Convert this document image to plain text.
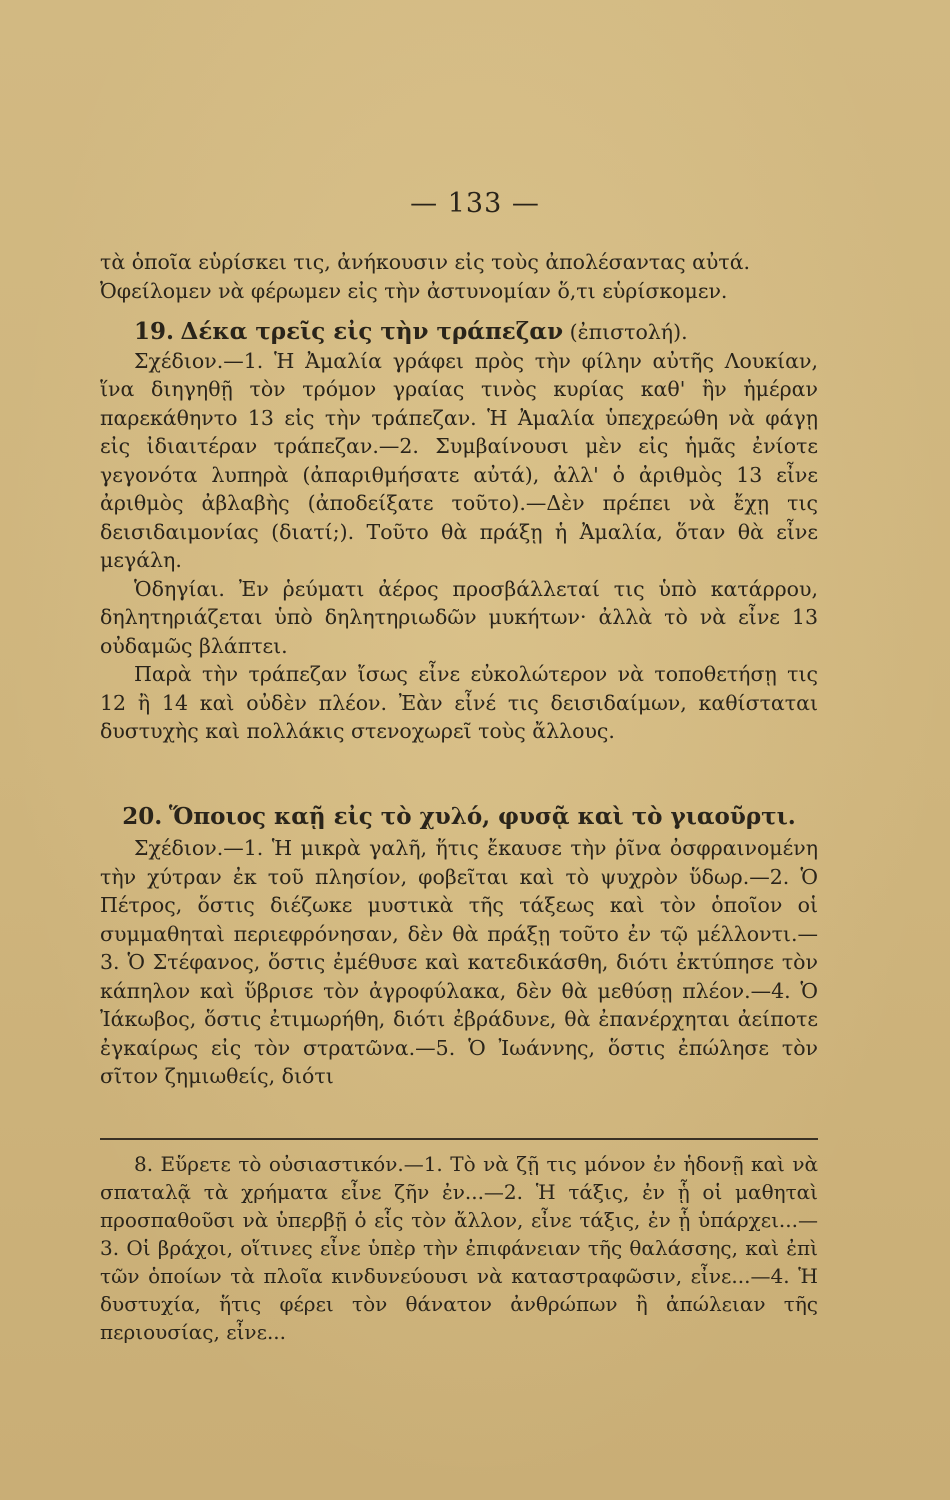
— 133 —

τὰ ὁποῖα εὑρίσκει τις, ἀνήκουσιν εἰς τοὺς ἀπολέσαντας αὐτά.

Ὀφείλομεν νὰ φέρωμεν εἰς τὴν ἀστυνομίαν ὅ,τι εὑρίσκομεν.

19. Δέκα τρεῖς εἰς τὴν τράπεζαν (ἐπιστολή).

Σχέδιον.—1. Ἡ Ἀμαλία γράφει πρὸς τὴν φίλην αὐτῆς Λουκίαν, ἵνα διηγηθῇ τὸν τρόμον γραίας τινὸς κυρίας καθ' ἣν ἡμέραν παρεκάθηντο 13 εἰς τὴν τράπεζαν. Ἡ Ἀμαλία ὑπεχρεώθη νὰ φάγῃ εἰς ἰδιαιτέραν τράπεζαν.—2. Συμβαίνουσι μὲν εἰς ἡμᾶς ἐνίοτε γεγονότα λυπηρὰ (ἀπαριθμήσατε αὐτά), ἀλλ' ὁ ἀριθμὸς 13 εἶνε ἀριθμὸς ἀβλαβὴς (ἀποδείξατε τοῦτο).—Δὲν πρέπει νὰ ἔχῃ τις δεισιδαιμονίας (διατί;). Τοῦτο θὰ πράξῃ ἡ Ἀμαλία, ὅταν θὰ εἶνε μεγάλη.

Ὁδηγίαι. Ἐν ῥεύματι ἀέρος προσβάλλεταί τις ὑπὸ κατάρρου, δηλητηριάζεται ὑπὸ δηλητηριωδῶν μυκήτων· ἀλλὰ τὸ νὰ εἶνε 13 οὐδαμῶς βλάπτει.

Παρὰ τὴν τράπεζαν ἴσως εἶνε εὐκολώτερον νὰ τοποθετήσῃ τις 12 ἢ 14 καὶ οὐδὲν πλέον. Ἐὰν εἶνέ τις δεισιδαίμων, καθίσταται δυστυχὴς καὶ πολλάκις στενοχωρεῖ τοὺς ἄλλους.

20. Ὅποιος καῇ εἰς τὸ χυλό, φυσᾷ καὶ τὸ γιαοῦρτι.

Σχέδιον.—1. Ἡ μικρὰ γαλῆ, ἥτις ἔκαυσε τὴν ῥῖνα ὀσφραινομένη τὴν χύτραν ἐκ τοῦ πλησίον, φοβεῖται καὶ τὸ ψυχρὸν ὕδωρ.—2. Ὁ Πέτρος, ὅστις διέζωκε μυστικὰ τῆς τάξεως καὶ τὸν ὁποῖον οἱ συμμαθηταὶ περιεφρόνησαν, δὲν θὰ πράξῃ τοῦτο ἐν τῷ μέλλοντι.—3. Ὁ Στέφανος, ὅστις ἐμέθυσε καὶ κατεδικάσθη, διότι ἐκτύπησε τὸν κάπηλον καὶ ὕβρισε τὸν ἀγροφύλακα, δὲν θὰ μεθύσῃ πλέον.—4. Ὁ Ἰάκωβος, ὅστις ἐτιμωρήθη, διότι ἐβράδυνε, θὰ ἐπανέρχηται ἀείποτε ἐγκαίρως εἰς τὸν στρατῶνα.—5. Ὁ Ἰωάννης, ὅστις ἐπώλησε τὸν σῖτον ζημιωθείς, διότι

8. Εὕρετε τὸ οὐσιαστικόν.—1. Τὸ νὰ ζῇ τις μόνον ἐν ἡδονῇ καὶ νὰ σπαταλᾷ τὰ χρήματα εἶνε ζῆν ἐν...—2. Ἡ τάξις, ἐν ᾗ οἱ μαθηταὶ προσπαθοῦσι νὰ ὑπερβῇ ὁ εἷς τὸν ἄλλον, εἶνε τάξις, ἐν ᾗ ὑπάρχει...—3. Οἱ βράχοι, οἵτινες εἶνε ὑπὲρ τὴν ἐπιφάνειαν τῆς θαλάσσης, καὶ ἐπὶ τῶν ὁποίων τὰ πλοῖα κινδυνεύουσι νὰ καταστραφῶσιν, εἶνε...—4. Ἡ δυστυχία, ἥτις φέρει τὸν θάνατον ἀνθρώπων ἢ ἀπώλειαν τῆς περιουσίας, εἶνε...
